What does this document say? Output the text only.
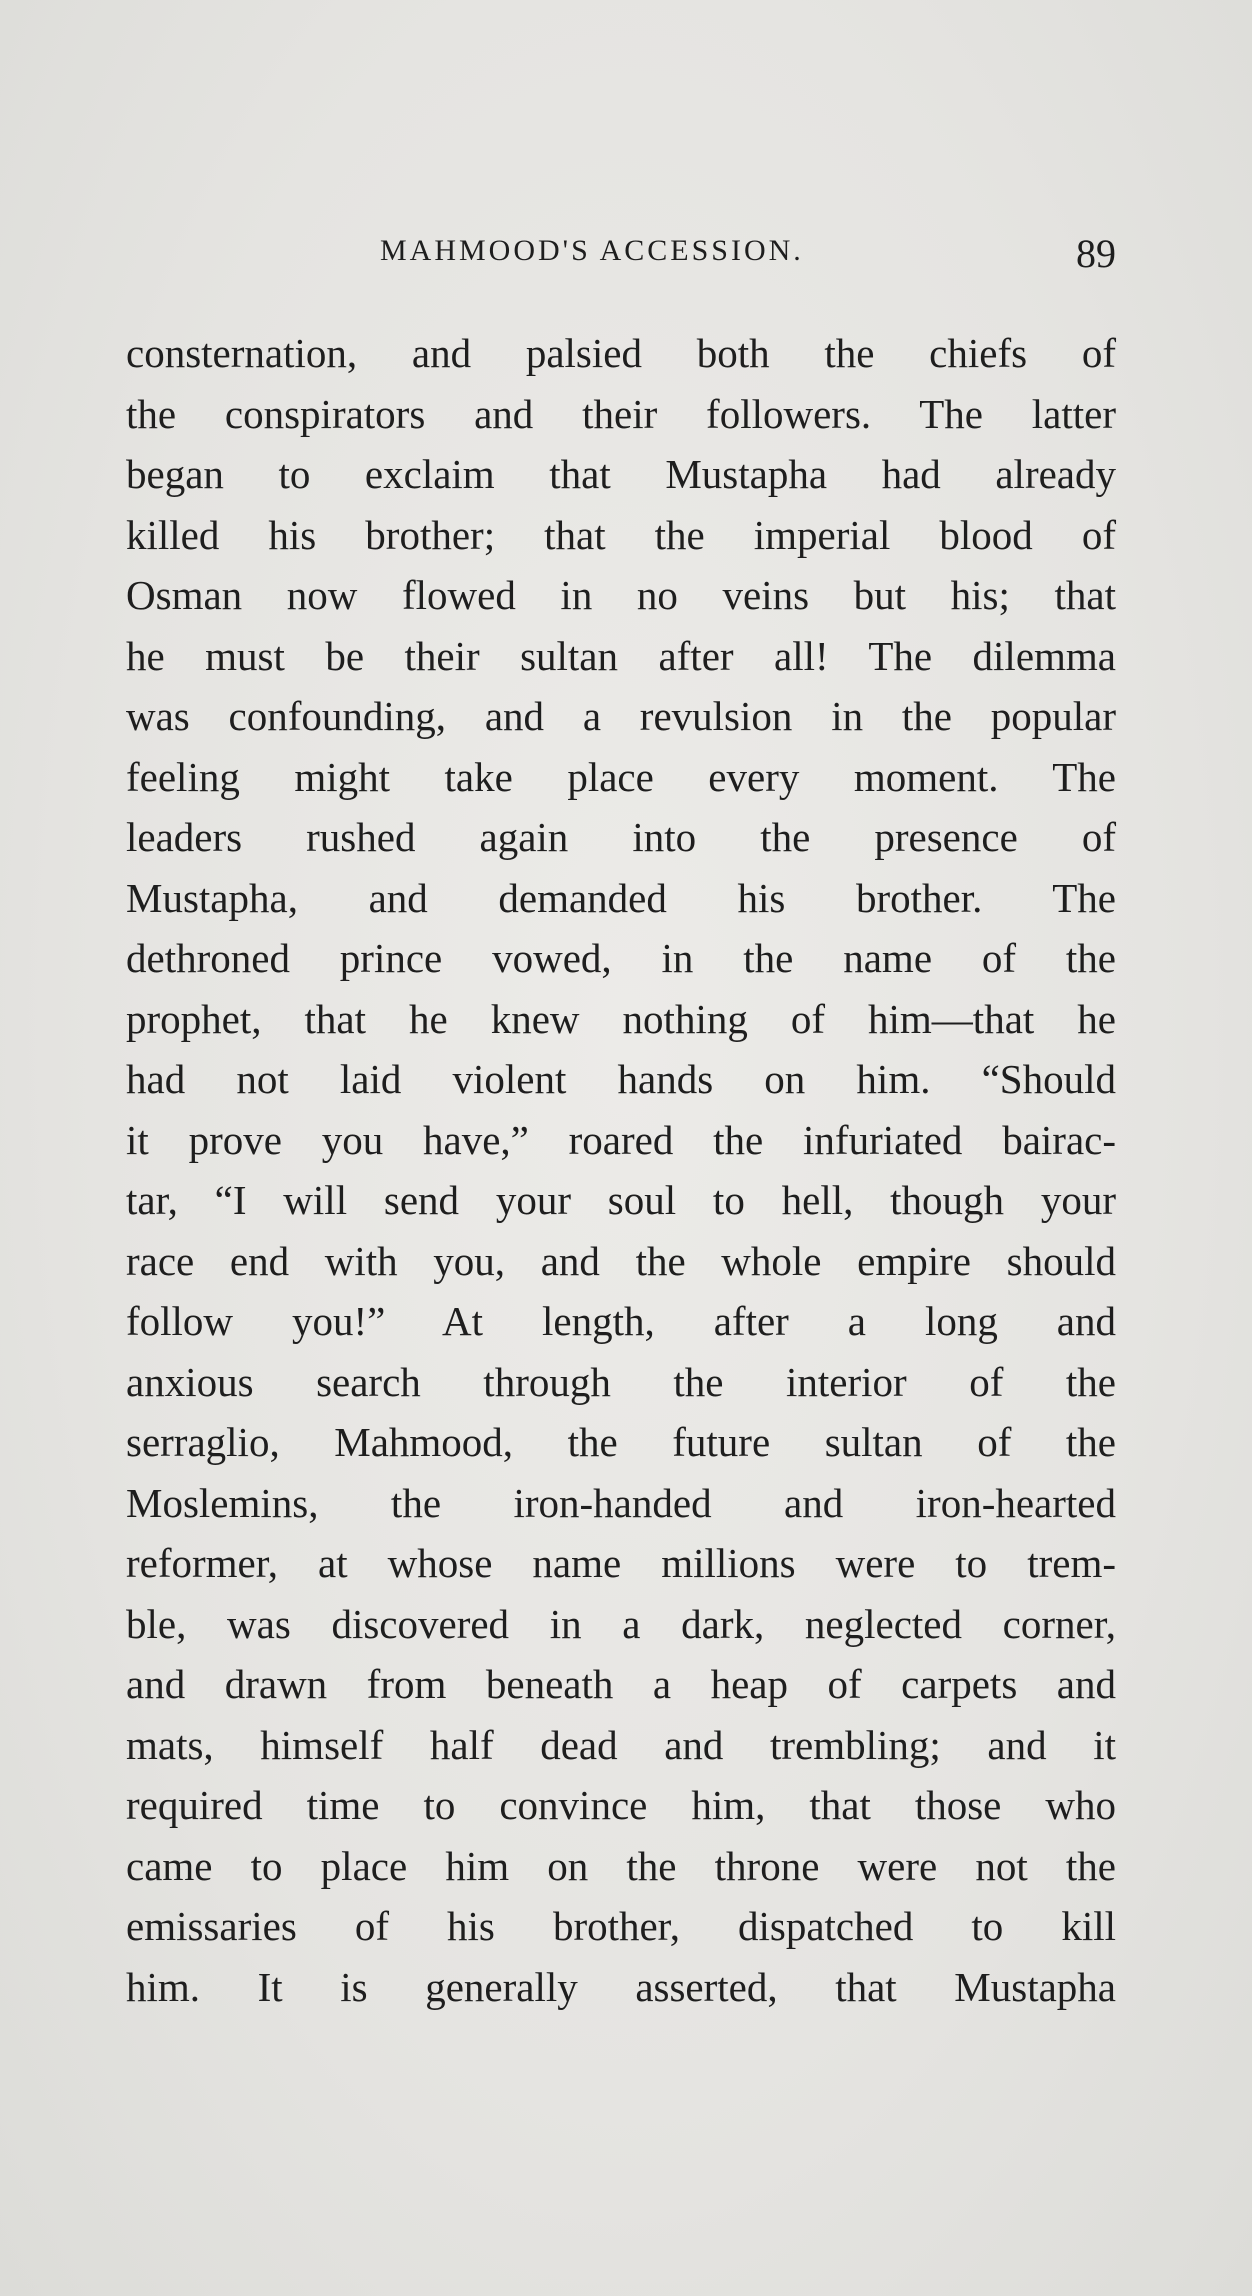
MAHMOOD'S ACCESSION.	89
consternation, and palsied both the chiefs of
the conspirators and their followers. The latter
began to exclaim that Mustapha had already
killed his brother; that the imperial blood of
Osman now flowed in no veins but his; that
he must be their sultan after all! The dilemma
was confounding, and a revulsion in the popular
feeling might take place every moment. The
leaders rushed again into the presence of
Mustapha, and demanded his brother. The
dethroned prince vowed, in the name of the
prophet, that he knew nothing of him—that he
had not laid violent hands on him. “Should
it prove you have,” roared the infuriated bairac-
tar, “I will send your soul to hell, though your
race end with you, and the whole empire should
follow you!” At length, after a long and
anxious search through the interior of the
serraglio, Mahmood, the future sultan of the
Moslemins, the iron-handed and iron-hearted
reformer, at whose name millions were to trem-
ble, was discovered in a dark, neglected corner,
and drawn from beneath a heap of carpets and
mats, himself half dead and trembling; and it
required time to convince him, that those who
came to place him on the throne were not the
emissaries of his brother, dispatched to kill
him. It is generally asserted, that Mustapha
